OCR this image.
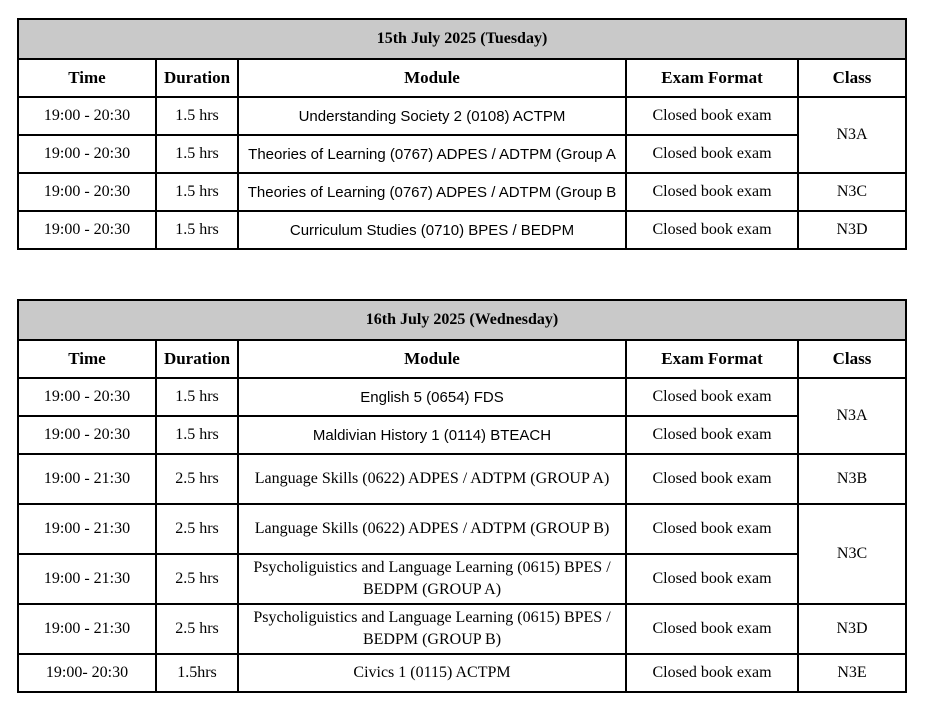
15th July 2025 (Tuesday)				
Time	Duration	Module	Exam Format	Class
19:00 - 20:30	1.5 hrs	Understanding Society 2 (0108) ACTPM	Closed book exam	N3A
19:00 - 20:30	1.5 hrs	Theories of Learning (0767) ADPES / ADTPM (Group A	Closed book exam	
19:00 - 20:30	1.5 hrs	Theories of Learning (0767) ADPES / ADTPM (Group B	Closed book exam	N3C
19:00 - 20:30	1.5 hrs	Curriculum Studies (0710) BPES / BEDPM	Closed book exam	N3D
16th July 2025 (Wednesday)				
Time	Duration	Module	Exam Format	Class
19:00 - 20:30	1.5 hrs	English 5 (0654) FDS	Closed book exam	N3A
19:00 - 20:30	1.5 hrs	Maldivian History 1 (0114) BTEACH	Closed book exam	
19:00 - 21:30	2.5 hrs	Language Skills (0622) ADPES / ADTPM (GROUP A)	Closed book exam	N3B
19:00 - 21:30	2.5 hrs	Language Skills (0622) ADPES / ADTPM (GROUP B)	Closed book exam	N3C
19:00 - 21:30	2.5 hrs	Psycholiguistics and Language Learning (0615) BPES / BEDPM (GROUP A)	Closed book exam	
19:00 - 21:30	2.5 hrs	Psycholiguistics and Language Learning (0615) BPES / BEDPM (GROUP B)	Closed book exam	N3D
19:00- 20:30	1.5hrs	Civics 1 (0115) ACTPM	Closed book exam	N3E
